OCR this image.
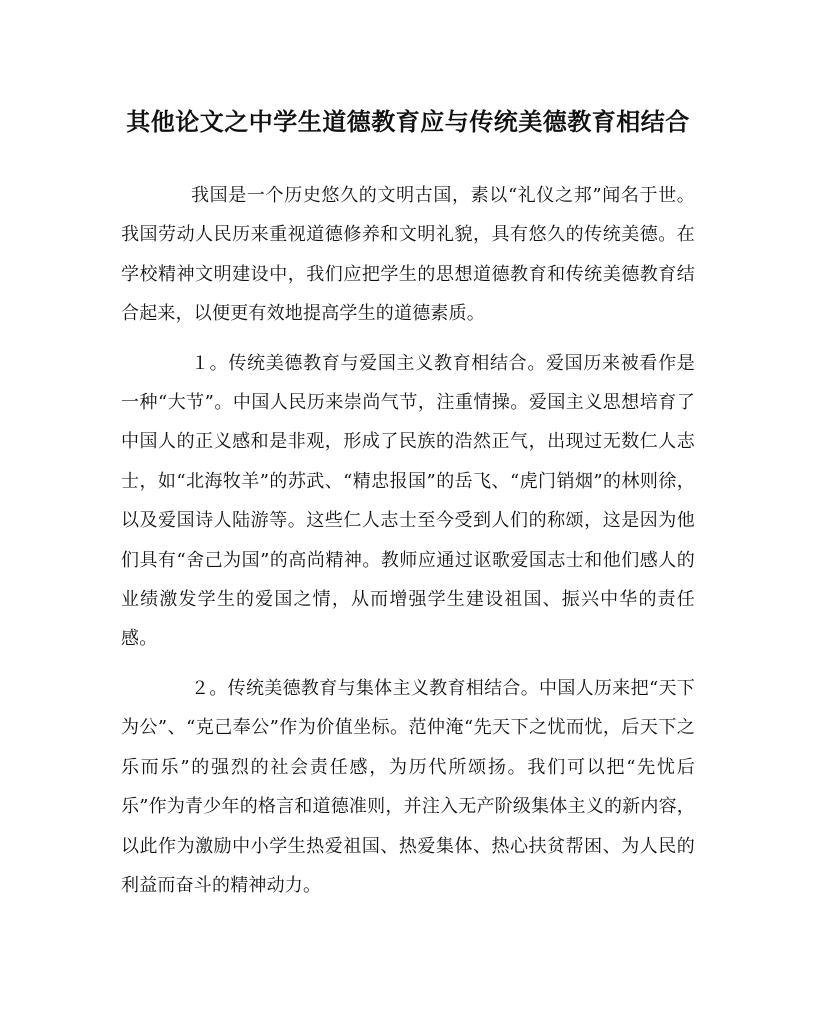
其他论文之中学生道德教育应与传统美德教育相结合

我国是一个历史悠久的文明古国，素以“礼仪之邦”闻名于世。我国劳动人民历来重视道德修养和文明礼貌，具有悠久的传统美德。在学校精神文明建设中，我们应把学生的思想道德教育和传统美德教育结合起来，以便更有效地提高学生的道德素质。

１。传统美德教育与爱国主义教育相结合。爱国历来被看作是一种“大节”。中国人民历来崇尚气节，注重情操。爱国主义思想培育了中国人的正义感和是非观，形成了民族的浩然正气，出现过无数仁人志士，如“北海牧羊”的苏武、“精忠报国”的岳飞、“虎门销烟”的林则徐，以及爱国诗人陆游等。这些仁人志士至今受到人们的称颂，这是因为他们具有“舍己为国”的高尚精神。教师应通过讴歌爱国志士和他们感人的业绩激发学生的爱国之情，从而增强学生建设祖国、振兴中华的责任感。

２。传统美德教育与集体主义教育相结合。中国人历来把“天下为公”、“克己奉公”作为价值坐标。范仲淹“先天下之忧而忧，后天下之乐而乐”的强烈的社会责任感，为历代所颂扬。我们可以把“先忧后乐”作为青少年的格言和道德准则，并注入无产阶级集体主义的新内容，以此作为激励中小学生热爱祖国、热爱集体、热心扶贫帮困、为人民的利益而奋斗的精神动力。
